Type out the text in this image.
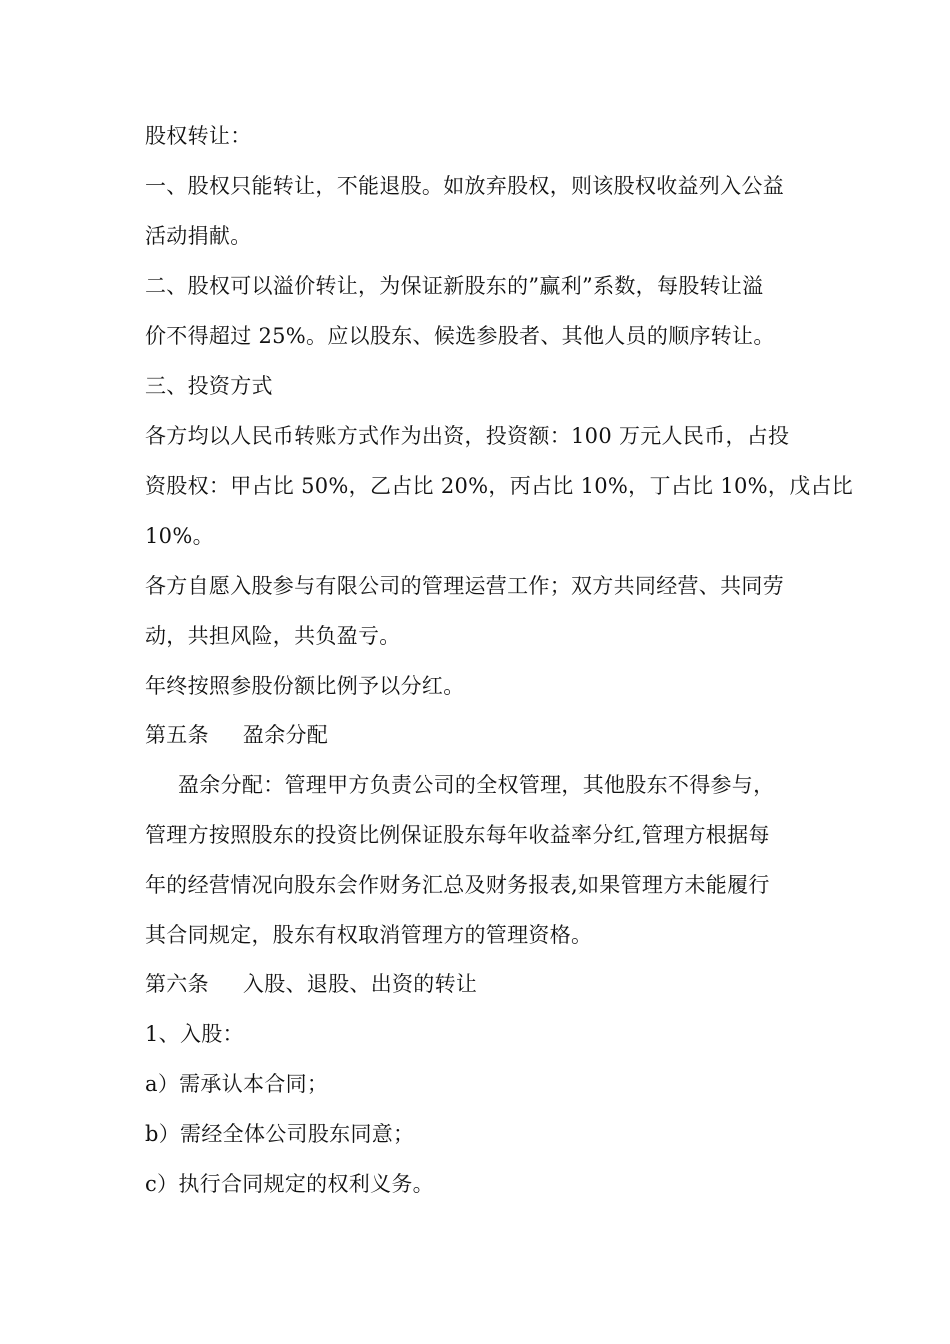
股权转让：
一、股权只能转让，不能退股。如放弃股权，则该股权收益列入公益
活动捐献。
二、股权可以溢价转让，为保证新股东的”赢利”系数，每股转让溢
价不得超过 25%。应以股东、候选参股者、其他人员的顺序转让。
三、投资方式
各方均以人民币转账方式作为出资，投资额：100 万元人民币，占投
资股权：甲占比 50%，乙占比 20%，丙占比 10%，丁占比 10%，戊占比
10%。
各方自愿入股参与有限公司的管理运营工作；双方共同经营、共同劳
动，共担风险，共负盈亏。
年终按照参股份额比例予以分红。
第五条 盈余分配
盈余分配：管理甲方负责公司的全权管理，其他股东不得参与，
管理方按照股东的投资比例保证股东每年收益率分红,管理方根据每
年的经营情况向股东会作财务汇总及财务报表,如果管理方未能履行
其合同规定，股东有权取消管理方的管理资格。
第六条 入股、退股、出资的转让
1、入股：
a）需承认本合同；
b）需经全体公司股东同意；
c）执行合同规定的权利义务。
